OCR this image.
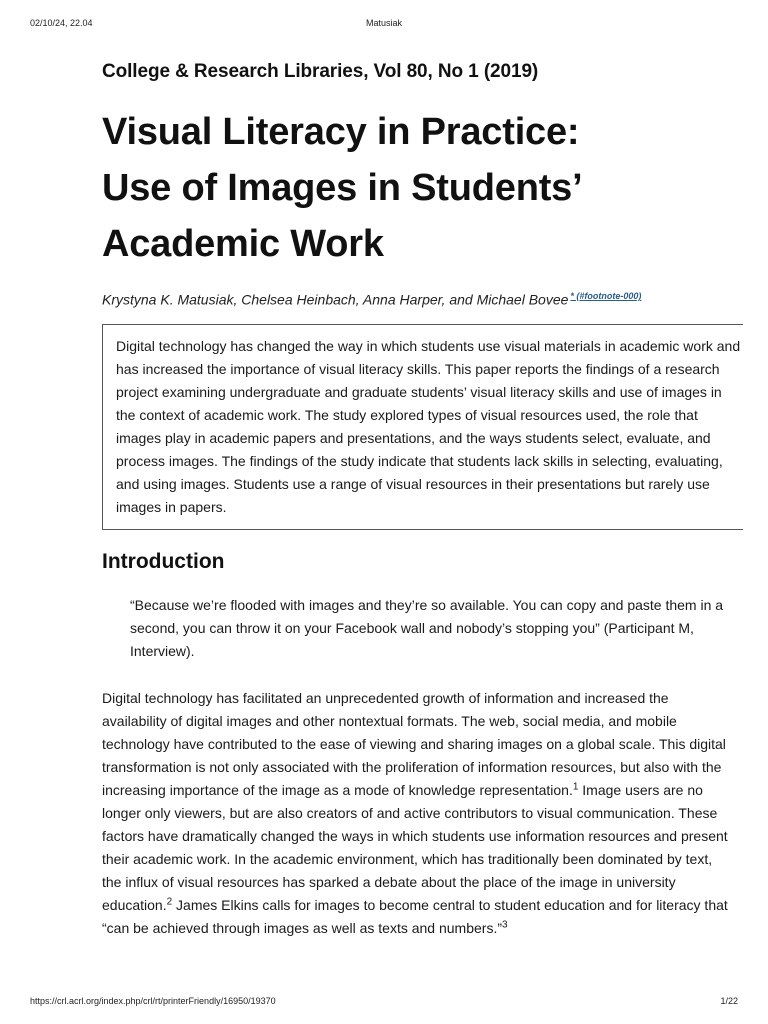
02/10/24, 22.04	Matusiak
College & Research Libraries, Vol 80, No 1 (2019)
Visual Literacy in Practice:
Use of Images in Students’
Academic Work
Krystyna K. Matusiak, Chelsea Heinbach, Anna Harper, and Michael Bovee $^{* (\#footnote-000)}$
Digital technology has changed the way in which students use visual materials in academic work and has increased the importance of visual literacy skills. This paper reports the findings of a research project examining undergraduate and graduate students’ visual literacy skills and use of images in the context of academic work. The study explored types of visual resources used, the role that images play in academic papers and presentations, and the ways students select, evaluate, and process images. The findings of the study indicate that students lack skills in selecting, evaluating, and using images. Students use a range of visual resources in their presentations but rarely use images in papers.
Introduction
“Because we’re flooded with images and they’re so available. You can copy and paste them in a second, you can throw it on your Facebook wall and nobody’s stopping you” (Participant M, Interview).
Digital technology has facilitated an unprecedented growth of information and increased the availability of digital images and other nontextual formats. The web, social media, and mobile technology have contributed to the ease of viewing and sharing images on a global scale. This digital transformation is not only associated with the proliferation of information resources, but also with the increasing importance of the image as a mode of knowledge representation.$^1$ Image users are no longer only viewers, but are also creators of and active contributors to visual communication. These factors have dramatically changed the ways in which students use information resources and present their academic work. In the academic environment, which has traditionally been dominated by text, the influx of visual resources has sparked a debate about the place of the image in university education.$^2$ James Elkins calls for images to become central to student education and for literacy that “can be achieved through images as well as texts and numbers.”$^3$
https://crl.acrl.org/index.php/crl/rt/printerFriendly/16950/19370	1/22
